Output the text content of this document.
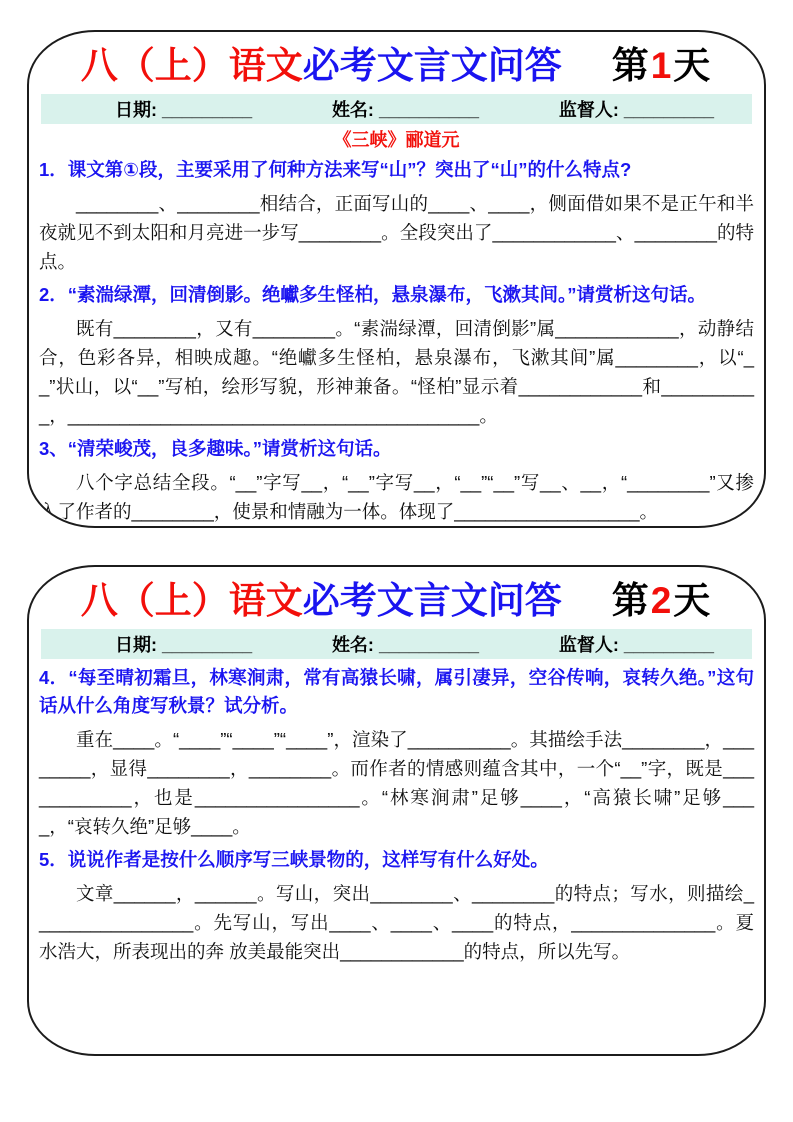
八（上）语文必考文言文问答 第1天
日期: _________	姓名: __________	监督人: _________
《三峡》郦道元

1．课文第①段，主要采用了何种方法来写“山”？突出了“山”的什么特点?

________、________相结合，正面写山的____、____，侧面借如果不是正午和半夜就见不到太阳和月亮进一步写________。全段突出了____________、________的特点。

2．“素湍绿潭，回清倒影。绝巘多生怪柏，悬泉瀑布，飞漱其间。”请赏析这句话。

既有________，又有________。“素湍绿潭，回清倒影”属____________，动静结合，色彩各异，相映成趣。“绝巘多生怪柏，悬泉瀑布，飞漱其间”属________，以“__”状山，以“__”写柏，绘形写貌，形神兼备。“怪柏”显示着____________和__________，________________________________________。

3、“清荣峻茂，良多趣味。”请赏析这句话。

八个字总结全段。“__”字写__，“__”字写__，“__”“__”写__、__，“________”又掺入了作者的________，使景和情融为一体。体现了__________________。

八（上）语文必考文言文问答 第2天
日期: _________	姓名: __________	监督人: _________

4．“每至晴初霜旦，林寒涧肃，常有高猿长啸，属引凄异，空谷传响，哀转久绝。”这句话从什么角度写秋景？试分析。

重在____。“____”“____”“____”，渲染了__________。其描绘手法________，________，显得________，________。而作者的情感则蕴含其中，一个“__”字，既是____________，也是________________。“林寒涧肃”足够____，“高猿长啸”足够____，“哀转久绝”足够____。

5．说说作者是按什么顺序写三峡景物的，这样写有什么好处。

文章______，______。写山，突出________、________的特点；写水，则描绘________________。先写山，写出____、____、____的特点，______________。夏水浩大，所表现出的奔 放美最能突出____________的特点，所以先写。
